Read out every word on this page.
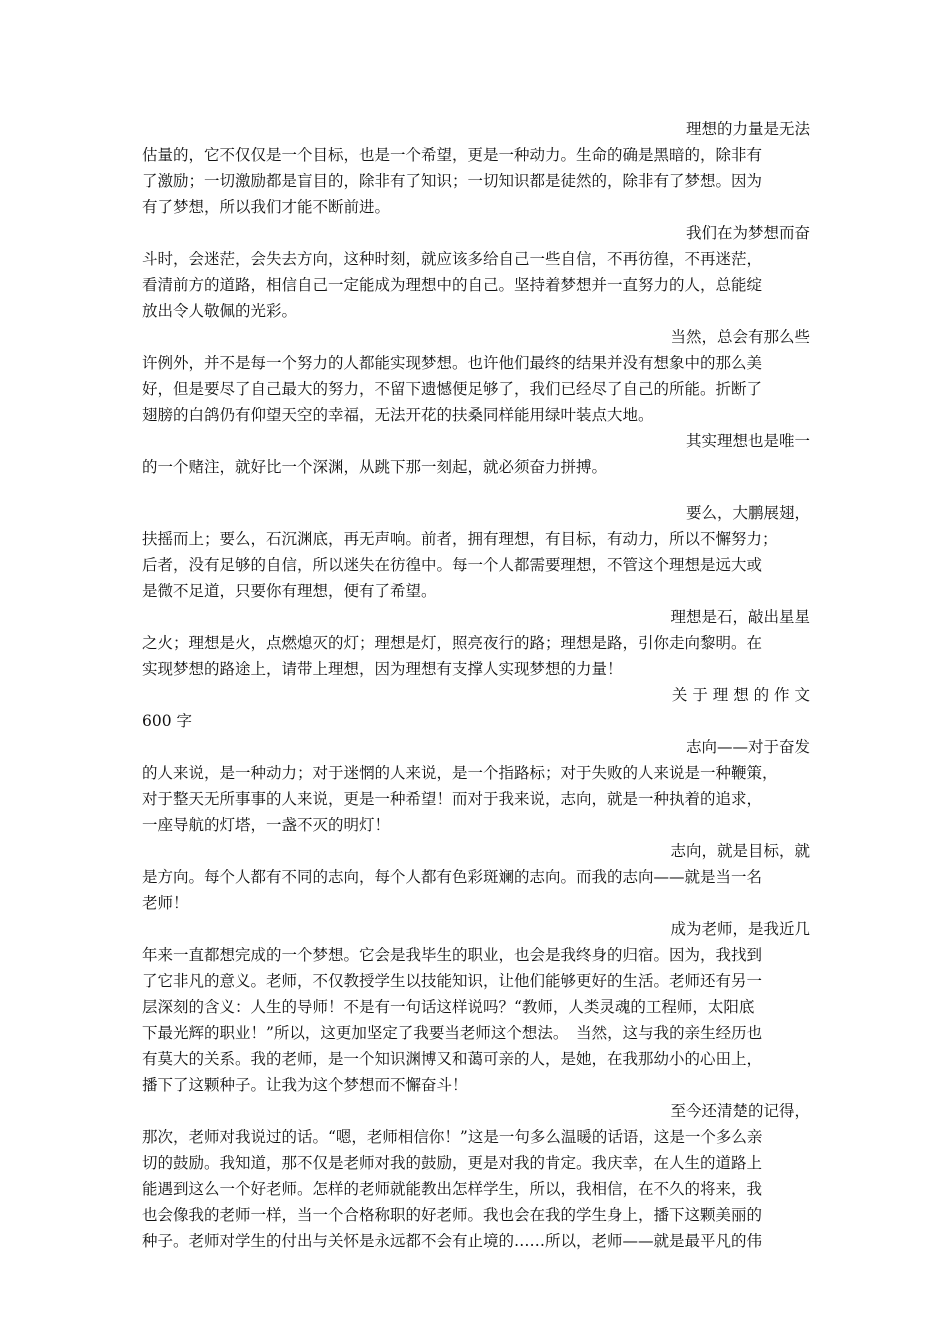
理想的力量是无法
估量的，它不仅仅是一个目标，也是一个希望，更是一种动力。生命的确是黑暗的，除非有
了激励；一切激励都是盲目的，除非有了知识；一切知识都是徒然的，除非有了梦想。因为
有了梦想，所以我们才能不断前进。
我们在为梦想而奋
斗时，会迷茫，会失去方向，这种时刻，就应该多给自己一些自信，不再彷徨，不再迷茫，
看清前方的道路，相信自己一定能成为理想中的自己。坚持着梦想并一直努力的人，总能绽
放出令人敬佩的光彩。
当然，总会有那么些
许例外，并不是每一个努力的人都能实现梦想。也许他们最终的结果并没有想象中的那么美
好，但是要尽了自己最大的努力，不留下遗憾便足够了，我们已经尽了自己的所能。折断了
翅膀的白鸽仍有仰望天空的幸福，无法开花的扶桑同样能用绿叶装点大地。
其实理想也是唯一
的一个赌注，就好比一个深渊，从跳下那一刻起，就必须奋力拼搏。
要么，大鹏展翅，
扶摇而上；要么，石沉渊底，再无声响。前者，拥有理想，有目标，有动力，所以不懈努力；
后者，没有足够的自信，所以迷失在彷徨中。每一个人都需要理想，不管这个理想是远大或
是微不足道，只要你有理想，便有了希望。
理想是石，敲出星星
之火；理想是火，点燃熄灭的灯；理想是灯，照亮夜行的路；理想是路，引你走向黎明。在
实现梦想的路途上，请带上理想，因为理想有支撑人实现梦想的力量！
关 于 理 想 的 作 文
600 字
志向——对于奋发
的人来说，是一种动力；对于迷惘的人来说，是一个指路标；对于失败的人来说是一种鞭策，
对于整天无所事事的人来说，更是一种希望！而对于我来说，志向，就是一种执着的追求，
一座导航的灯塔，一盏不灭的明灯！
志向，就是目标，就
是方向。每个人都有不同的志向，每个人都有色彩斑斓的志向。而我的志向——就是当一名
老师！
成为老师，是我近几
年来一直都想完成的一个梦想。它会是我毕生的职业，也会是我终身的归宿。因为，我找到
了它非凡的意义。老师，不仅教授学生以技能知识，让他们能够更好的生活。老师还有另一
层深刻的含义：人生的导师！不是有一句话这样说吗？“教师，人类灵魂的工程师，太阳底
下最光辉的职业！”所以，这更加坚定了我要当老师这个想法。　当然，这与我的亲生经历也
有莫大的关系。我的老师，是一个知识渊博又和蔼可亲的人，是她，在我那幼小的心田上，
播下了这颗种子。让我为这个梦想而不懈奋斗！
至今还清楚的记得，
那次，老师对我说过的话。“嗯，老师相信你！”这是一句多么温暖的话语，这是一个多么亲
切的鼓励。我知道，那不仅是老师对我的鼓励，更是对我的肯定。我庆幸，在人生的道路上
能遇到这么一个好老师。怎样的老师就能教出怎样学生，所以，我相信，在不久的将来，我
也会像我的老师一样，当一个合格称职的好老师。我也会在我的学生身上，播下这颗美丽的
种子。老师对学生的付出与关怀是永远都不会有止境的……所以，老师——就是最平凡的伟
